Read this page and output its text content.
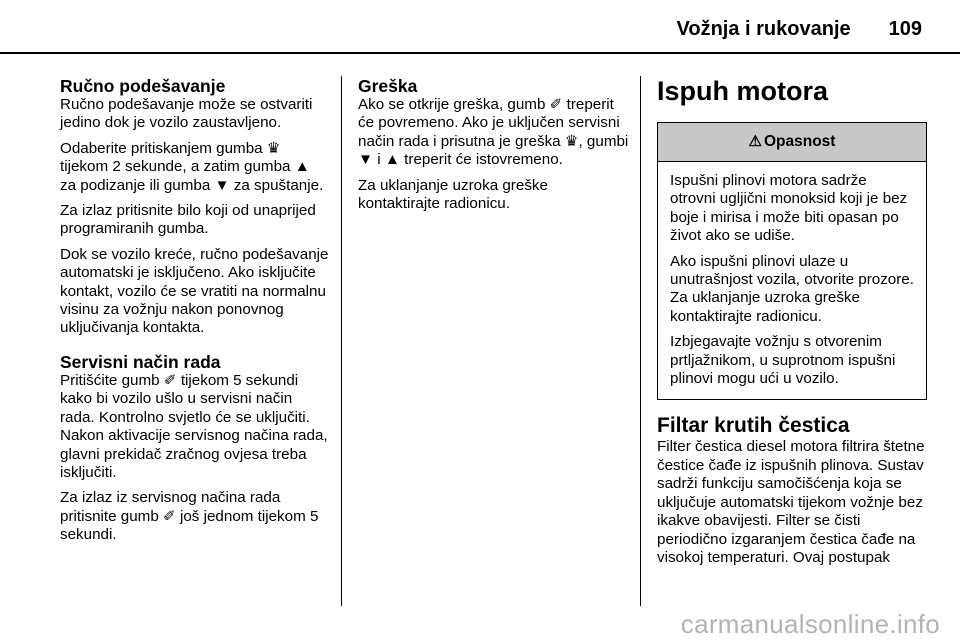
Vožnja i rukovanje 109
Ručno podešavanje

Ručno podešavanje može se ostvariti jedino dok je vozilo zaustavljeno.

Odaberite pritiskanjem gumba ♛ tijekom 2 sekunde, a zatim gumba ▲ za podizanje ili gumba ▼ za spuštanje.

Za izlaz pritisnite bilo koji od unaprijed programiranih gumba.

Dok se vozilo kreće, ručno podešavanje automatski je isključeno. Ako isključite kontakt, vozilo će se vratiti na normalnu visinu za vožnju nakon ponovnog uključivanja kontakta.

Servisni način rada

Pritišćite gumb ✐ tijekom 5 sekundi kako bi vozilo ušlo u servisni način rada. Kontrolno svjetlo će se uključiti. Nakon aktivacije servisnog načina rada, glavni prekidač zračnog ovjesa treba isključiti.

Za izlaz iz servisnog načina rada pritisnite gumb ✐ još jednom tijekom 5 sekundi.

Greška

Ako se otkrije greška, gumb ✐ treperit će povremeno. Ako je uključen servisni način rada i prisutna je greška ♛, gumbi ▼ i ▲ treperit će istovremeno.

Za uklanjanje uzroka greške kontaktirajte radionicu.

Ispuh motora
⚠ Opasnost

Ispušni plinovi motora sadrže otrovni ugljični monoksid koji je bez boje i mirisa i može biti opasan po život ako se udiše.

Ako ispušni plinovi ulaze u unutrašnjost vozila, otvorite prozore. Za uklanjanje uzroka greške kontaktirajte radionicu.

Izbjegavajte vožnju s otvorenim prtljažnikom, u suprotnom ispušni plinovi mogu ući u vozilo.

Filtar krutih čestica

Filter čestica diesel motora filtrira štetne čestice čađe iz ispušnih plinova. Sustav sadrži funkciju samočišćenja koja se uključuje automatski tijekom vožnje bez ikakve obavijesti. Filter se čisti periodično izgaranjem čestica čađe na visokoj temperaturi. Ovaj postupak

carmanualsonline.info
